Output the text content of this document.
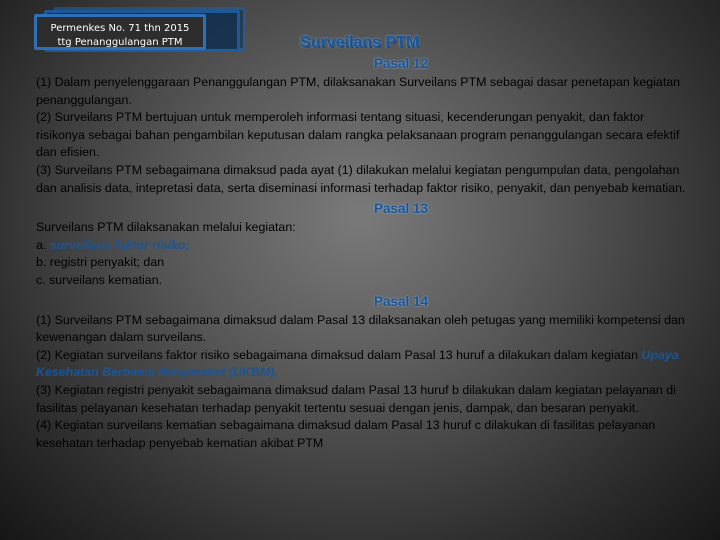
Permenkes No. 71 thn 2015
ttg Penanggulangan PTM	Surveilans PTM
Pasal 12

(1) Dalam penyelenggaraan Penanggulangan PTM, dilaksanakan Surveilans PTM sebagai dasar penetapan kegiatan penanggulangan.

(2) Surveilans PTM bertujuan untuk memperoleh informasi tentang situasi, kecenderungan penyakit, dan faktor risikonya sebagai bahan pengambilan keputusan dalam rangka pelaksanaan program penanggulangan secara efektif dan efisien.

(3) Surveilans PTM sebagaimana dimaksud pada ayat (1) dilakukan melalui kegiatan pengumpulan data, pengolahan dan analisis data, intepretasi data, serta diseminasi informasi terhadap faktor risiko, penyakit, dan penyebab kematian.

Pasal 13

Surveilans PTM dilaksanakan melalui kegiatan:

a. surveilans faktor risiko;

b. registri penyakit; dan

c. surveilans kematian.

Pasal 14

(1) Surveilans PTM sebagaimana dimaksud dalam Pasal 13 dilaksanakan oleh petugas yang memiliki kompetensi dan kewenangan dalam surveilans.

(2) Kegiatan surveilans faktor risiko sebagaimana dimaksud dalam Pasal 13 huruf a dilakukan dalam kegiatan Upaya Kesehatan Berbasis Masyarakat (UKBM).

(3) Kegiatan registri penyakit sebagaimana dimaksud dalam Pasal 13 huruf b dilakukan dalam kegiatan pelayanan di fasilitas pelayanan kesehatan terhadap penyakit tertentu sesuai dengan jenis, dampak, dan besaran penyakit.

(4) Kegiatan surveilans kematian sebagaimana dimaksud dalam Pasal 13 huruf c dilakukan di fasilitas pelayanan kesehatan terhadap penyebab kematian akibat PTM
